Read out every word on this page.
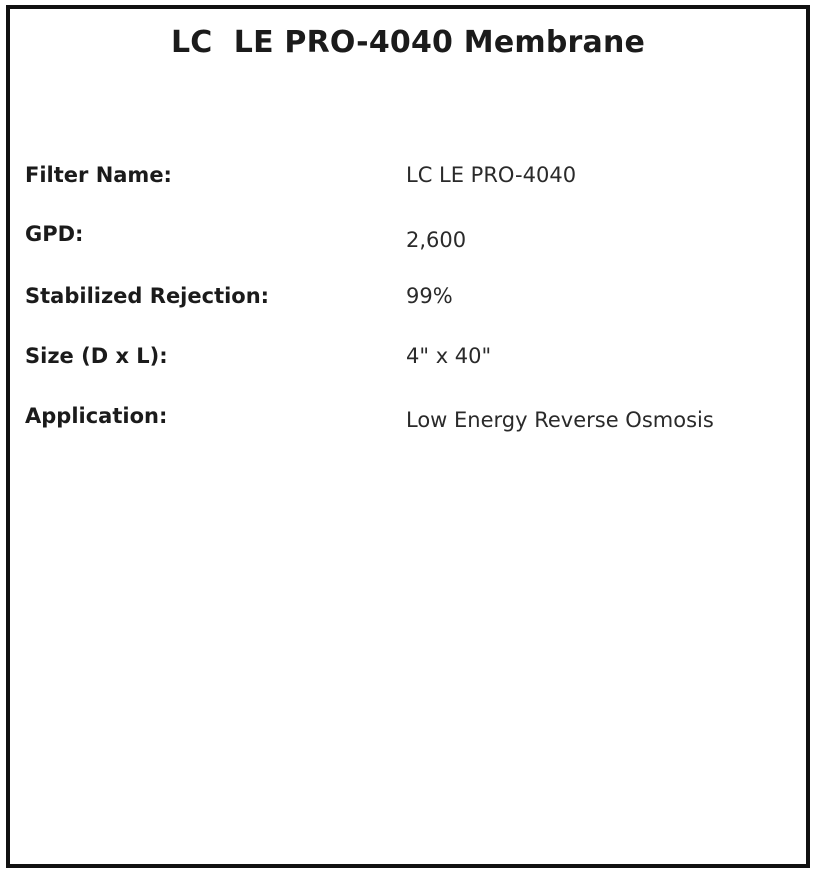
LC  LE PRO-4040 Membrane
Filter Name:	LC LE PRO-4040
GPD:	2,600
Stabilized Rejection:	99%
Size (D x L):	4" x 40"
Application:	Low Energy Reverse Osmosis
